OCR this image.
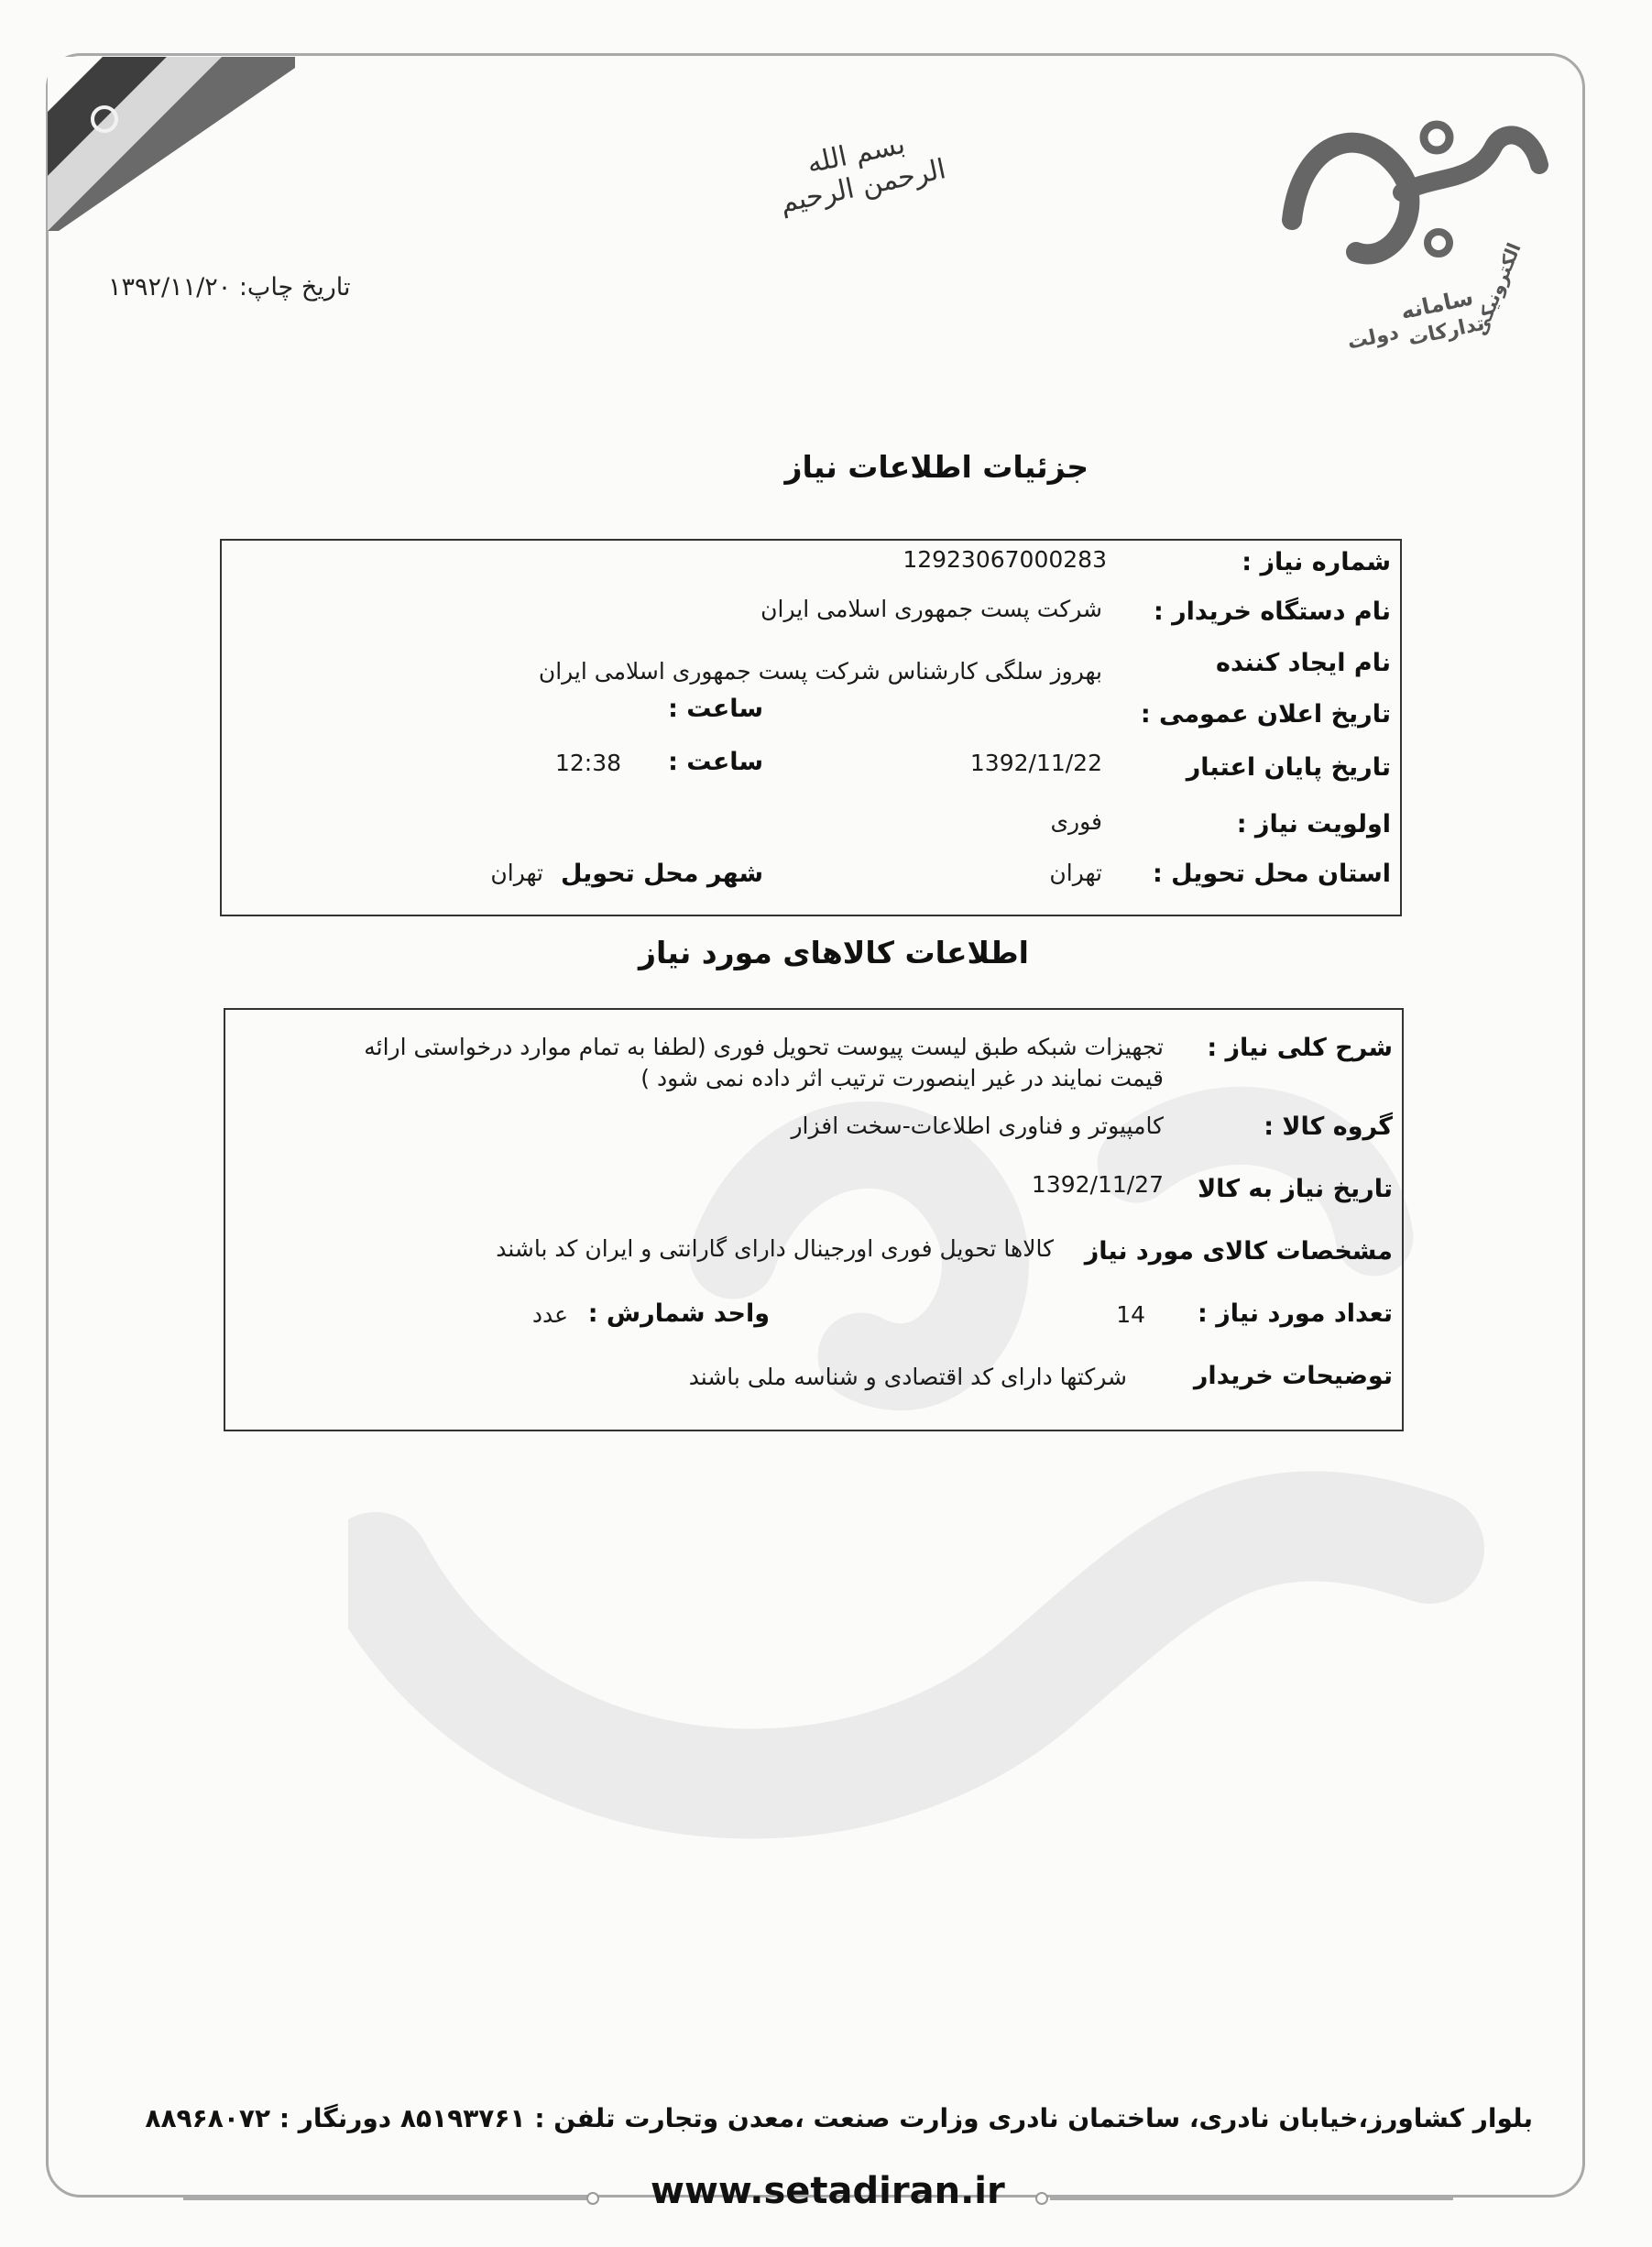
سامانه
تدارکات
الکترونیکی
دولت
بسم الله الرحمن الرحیم
تاریخ چاپ: ۱۳۹۲/۱۱/۲۰
جزئیات اطلاعات نیاز
شماره نیاز :
12923067000283
نام دستگاه خریدار :
شرکت پست جمهوری اسلامی ایران
نام ایجاد کننده
بهروز سلگی کارشناس شرکت پست جمهوری اسلامی ایران
تاریخ اعلان عمومی :
ساعت :
تاریخ پایان اعتبار
1392/11/22
ساعت :
12:38
اولویت نیاز :
فوری
استان محل تحویل :
تهران
شهر محل تحویل
تهران
اطلاعات کالاهای مورد نیاز
شرح کلی نیاز :
تجهیزات شبکه طبق لیست پیوست تحویل فوری (لطفا به تمام موارد درخواستی ارائه قیمت نمایند در غیر اینصورت ترتیب اثر داده نمی شود )
گروه کالا :
کامپیوتر و فناوری اطلاعات-سخت افزار
تاریخ نیاز به کالا
1392/11/27
مشخصات کالای مورد نیاز
کالاها تحویل فوری اورجینال دارای گارانتی و ایران کد باشند
تعداد مورد نیاز :
14
واحد شمارش :
عدد
توضیحات خریدار
شرکتها دارای کد اقتصادی و شناسه ملی باشند
بلوار کشاورز،خیابان نادری، ساختمان نادری وزارت صنعت ،معدن وتجارت تلفن : ۸۵۱۹۳۷۶۱ دورنگار : ۸۸۹۶۸۰۷۲
www.setadiran.ir
